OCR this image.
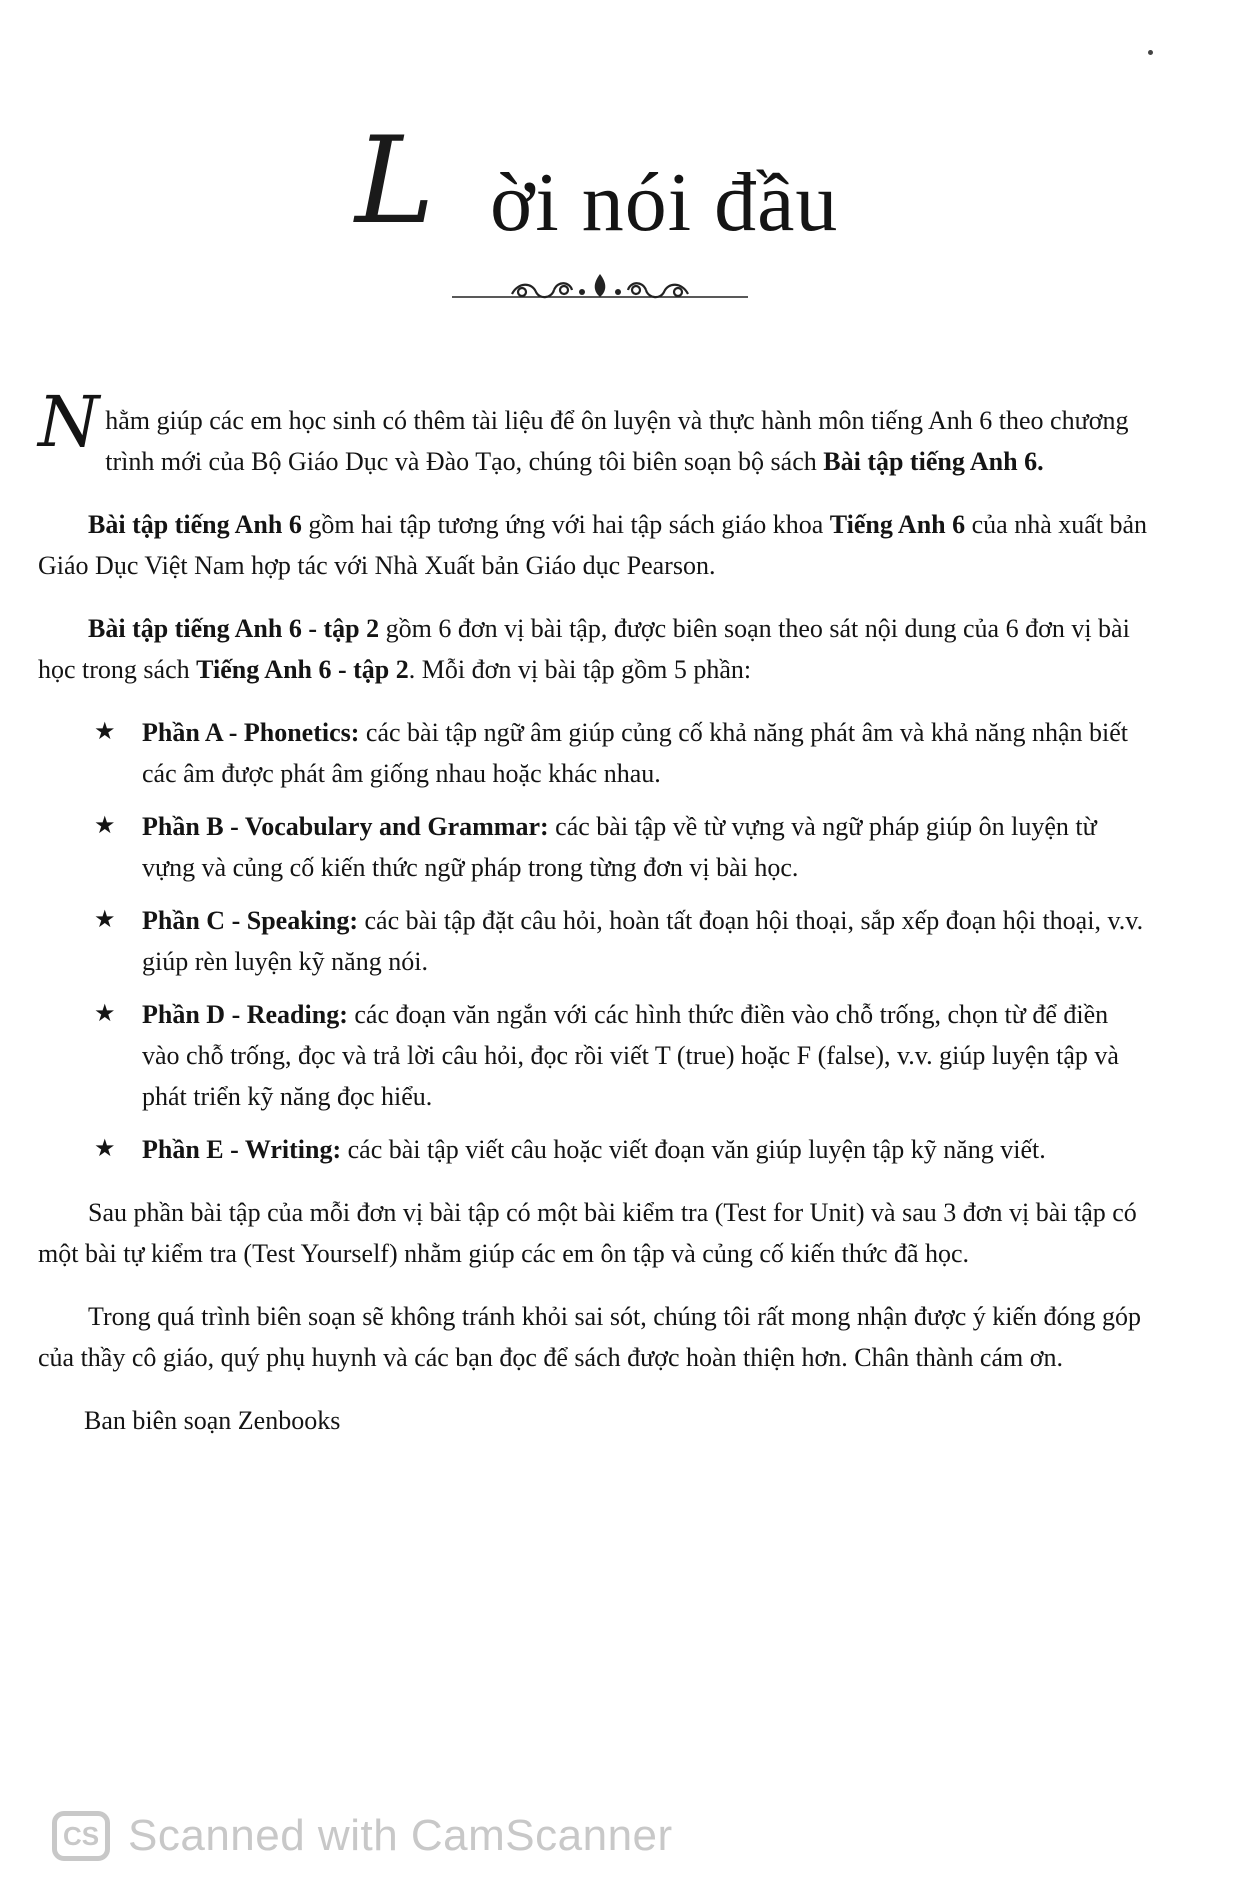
L ời nói đầu

Nhằm giúp các em học sinh có thêm tài liệu để ôn luyện và thực hành môn tiếng Anh 6 theo chương trình mới của Bộ Giáo Dục và Đào Tạo, chúng tôi biên soạn bộ sách Bài tập tiếng Anh 6.

Bài tập tiếng Anh 6 gồm hai tập tương ứng với hai tập sách giáo khoa Tiếng Anh 6 của nhà xuất bản Giáo Dục Việt Nam hợp tác với Nhà Xuất bản Giáo dục Pearson.

Bài tập tiếng Anh 6 - tập 2 gồm 6 đơn vị bài tập, được biên soạn theo sát nội dung của 6 đơn vị bài học trong sách Tiếng Anh 6 - tập 2. Mỗi đơn vị bài tập gồm 5 phần:

★ Phần A - Phonetics: các bài tập ngữ âm giúp củng cố khả năng phát âm và khả năng nhận biết các âm được phát âm giống nhau hoặc khác nhau.
★ Phần B - Vocabulary and Grammar: các bài tập về từ vựng và ngữ pháp giúp ôn luyện từ vựng và củng cố kiến thức ngữ pháp trong từng đơn vị bài học.
★ Phần C - Speaking: các bài tập đặt câu hỏi, hoàn tất đoạn hội thoại, sắp xếp đoạn hội thoại, v.v. giúp rèn luyện kỹ năng nói.
★ Phần D - Reading: các đoạn văn ngắn với các hình thức điền vào chỗ trống, chọn từ để điền vào chỗ trống, đọc và trả lời câu hỏi, đọc rồi viết T (true) hoặc F (false), v.v. giúp luyện tập và phát triển kỹ năng đọc hiểu.
★ Phần E - Writing: các bài tập viết câu hoặc viết đoạn văn giúp luyện tập kỹ năng viết.

Sau phần bài tập của mỗi đơn vị bài tập có một bài kiểm tra (Test for Unit) và sau 3 đơn vị bài tập có một bài tự kiểm tra (Test Yourself) nhằm giúp các em ôn tập và củng cố kiến thức đã học.

Trong quá trình biên soạn sẽ không tránh khỏi sai sót, chúng tôi rất mong nhận được ý kiến đóng góp của thầy cô giáo, quý phụ huynh và các bạn đọc để sách được hoàn thiện hơn. Chân thành cám ơn.

Ban biên soạn Zenbooks

CS Scanned with CamScanner
